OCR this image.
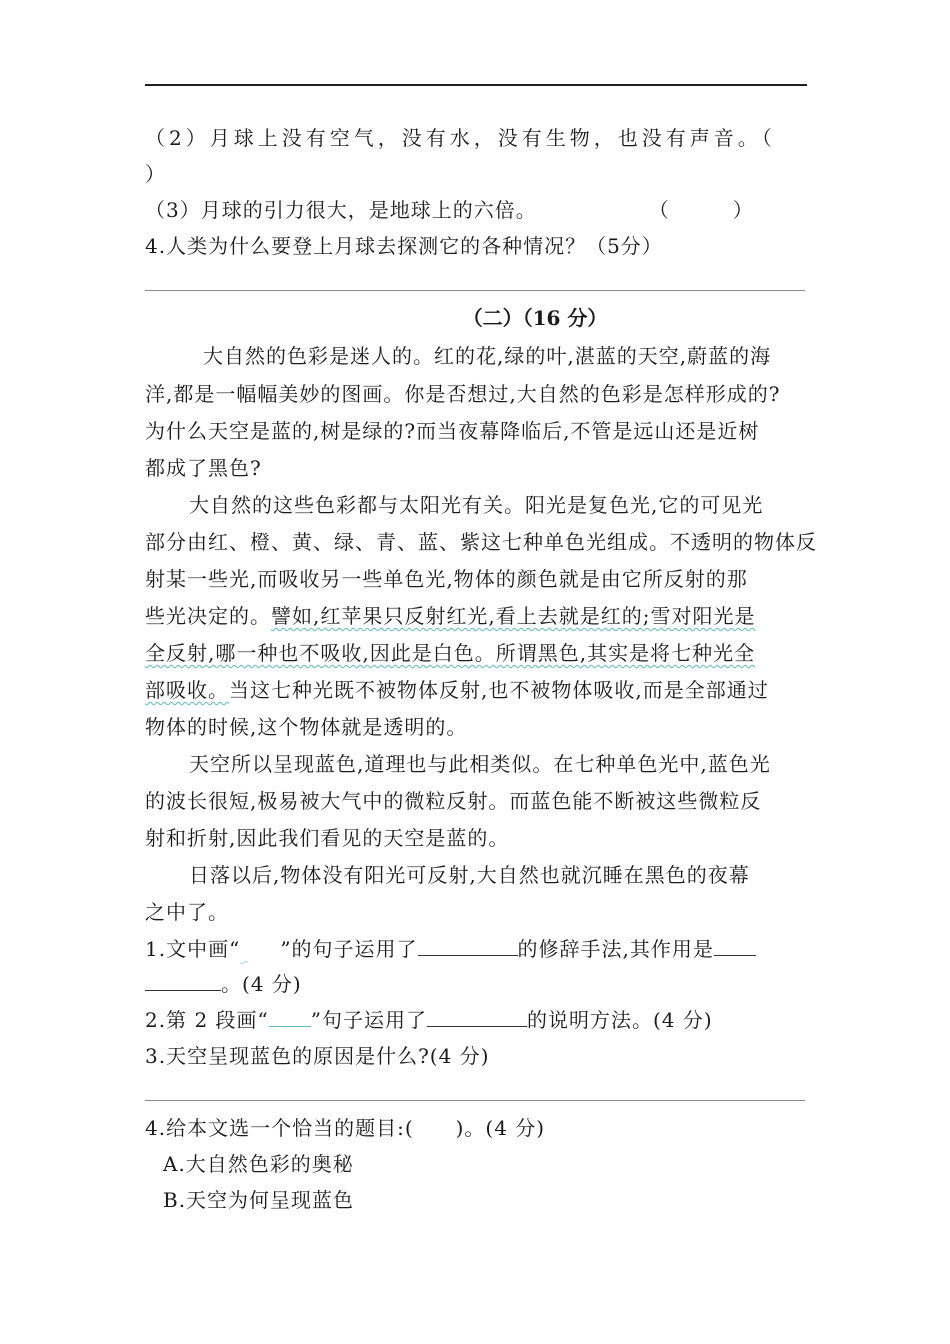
（2）月球上没有空气，没有水，没有生物，也没有声音。（
）
（3）月球的引力很大，是地球上的六倍。	（　　　）
4.人类为什么要登上月球去探测它的各种情况？（5分）
（二）（16 分）
大自然的色彩是迷人的。红的花,绿的叶,湛蓝的天空,蔚蓝的海
洋,都是一幅幅美妙的图画。你是否想过,大自然的色彩是怎样形成的?
为什么天空是蓝的,树是绿的?而当夜幕降临后,不管是远山还是近树
都成了黑色?
大自然的这些色彩都与太阳光有关。阳光是复色光,它的可见光
部分由红、橙、黄、绿、青、蓝、紫这七种单色光组成。不透明的物体反
射某一些光,而吸收另一些单色光,物体的颜色就是由它所反射的那
些光决定的。譬如,红苹果只反射红光,看上去就是红的;雪对阳光是
全反射,哪一种也不吸收,因此是白色。所谓黑色,其实是将七种光全
部吸收。当这七种光既不被物体反射,也不被物体吸收,而是全部通过
物体的时候,这个物体就是透明的。
天空所以呈现蓝色,道理也与此相类似。在七种单色光中,蓝色光
的波长很短,极易被大气中的微粒反射。而蓝色能不断被这些微粒反
射和折射,因此我们看见的天空是蓝的。
日落以后,物体没有阳光可反射,大自然也就沉睡在黑色的夜幕
之中了。
1.文中画“ ”的句子运用了	的修辞手法,其作用是
。(4 分)
2.第 2 段画“ ”句子运用了	的说明方法。(4 分)
3.天空呈现蓝色的原因是什么?(4 分)
4.给本文选一个恰当的题目:(　　)。(4 分)
A.大自然色彩的奥秘
B.天空为何呈现蓝色
